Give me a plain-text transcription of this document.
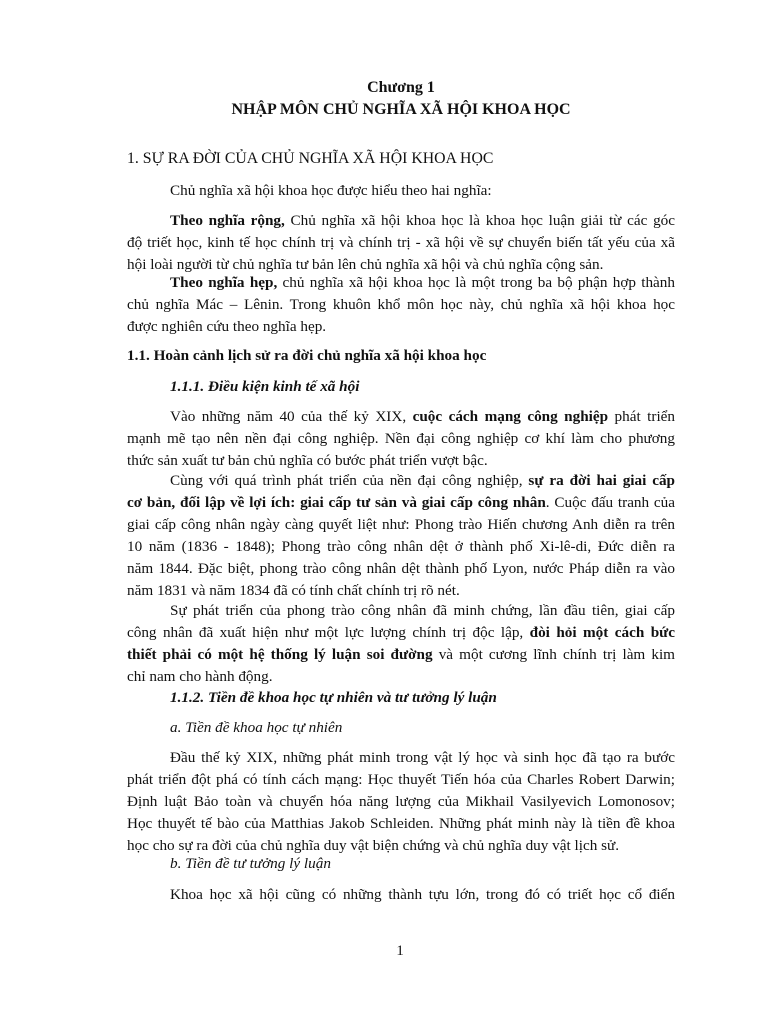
Chương 1
NHẬP MÔN CHỦ NGHĨA XÃ HỘI KHOA HỌC
1. SỰ RA ĐỜI CỦA CHỦ NGHĨA XÃ HỘI KHOA HỌC
Chủ nghĩa xã hội khoa học được hiểu theo hai nghĩa:
Theo nghĩa rộng, Chủ nghĩa xã hội khoa học là khoa học luận giải từ các góc
độ triết học, kinh tế học chính trị và chính trị - xã hội về sự chuyển biến tất yếu của xã
hội loài người từ chủ nghĩa tư bản lên chủ nghĩa xã hội và chủ nghĩa cộng sản.
Theo nghĩa hẹp, chủ nghĩa xã hội khoa học là một trong ba bộ phận hợp thành
chủ nghĩa Mác – Lênin. Trong khuôn khổ môn học này, chủ nghĩa xã hội khoa học
được nghiên cứu theo nghĩa hẹp.
1.1. Hoàn cảnh lịch sử ra đời chủ nghĩa xã hội khoa học
1.1.1. Điều kiện kinh tế xã hội
Vào những năm 40 của thế kỷ XIX, cuộc cách mạng công nghiệp phát triển
mạnh mẽ tạo nên nền đại công nghiệp. Nền đại công nghiệp cơ khí làm cho phương
thức sản xuất tư bản chủ nghĩa có bước phát triển vượt bậc.
Cùng với quá trình phát triển của nền đại công nghiệp, sự ra đời hai giai cấp
cơ bản, đối lập về lợi ích: giai cấp tư sản và giai cấp công nhân. Cuộc đấu tranh của
giai cấp công nhân ngày càng quyết liệt như: Phong trào Hiến chương Anh diễn ra trên
10 năm (1836 - 1848); Phong trào công nhân dệt ở thành phố Xi-lê-di, Đức diễn ra
năm 1844. Đặc biệt, phong trào công nhân dệt thành phố Lyon, nước Pháp diễn ra vào
năm 1831 và năm 1834 đã có tính chất chính trị rõ nét.
Sự phát triển của phong trào công nhân đã minh chứng, lần đầu tiên, giai cấp
công nhân đã xuất hiện như một lực lượng chính trị độc lập, đòi hỏi một cách bức
thiết phải có một hệ thống lý luận soi đường và một cương lĩnh chính trị làm kim
chỉ nam cho hành động.
1.1.2. Tiền đề khoa học tự nhiên và tư tưởng lý luận
a. Tiền đề khoa học tự nhiên
Đầu thế kỷ XIX, những phát minh trong vật lý học và sinh học đã tạo ra bước
phát triển đột phá có tính cách mạng: Học thuyết Tiến hóa của Charles Robert Darwin;
Định luật Bảo toàn và chuyển hóa năng lượng của Mikhail Vasilyevich Lomonosov;
Học thuyết tế bào của Matthias Jakob Schleiden. Những phát minh này là tiền đề khoa
học cho sự ra đời của chủ nghĩa duy vật biện chứng và chủ nghĩa duy vật lịch sử.
b. Tiền đề tư tưởng lý luận
Khoa học xã hội cũng có những thành tựu lớn, trong đó có triết học cổ điển
1
